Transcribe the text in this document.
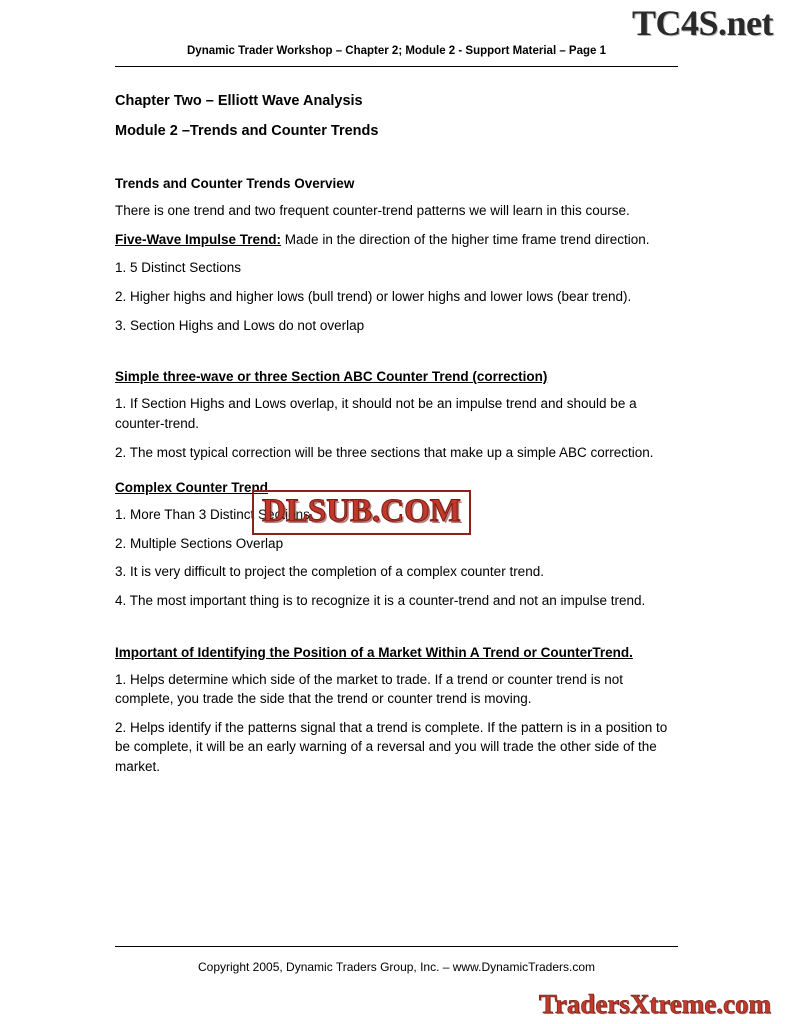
TC4S.net
Dynamic Trader Workshop – Chapter 2; Module 2 - Support Material – Page 1
Chapter Two – Elliott Wave Analysis
Module 2 –Trends and Counter Trends
Trends and Counter Trends Overview

There is one trend and two frequent counter-trend patterns we will learn in this course.

Five-Wave Impulse Trend: Made in the direction of the higher time frame trend direction.

1. 5 Distinct Sections

2. Higher highs and higher lows (bull trend) or lower highs and lower lows (bear trend).

3. Section Highs and Lows do not overlap

Simple three-wave or three Section ABC Counter Trend (correction)

1. If Section Highs and Lows overlap, it should not be an impulse trend and should be a counter-trend.

2. The most typical correction will be three sections that make up a simple ABC correction.

Complex Counter Trend

1. More Than 3 Distinct Sections

2. Multiple Sections Overlap

3. It is very difficult to project the completion of a complex counter trend.

4. The most important thing is to recognize it is a counter-trend and not an impulse trend.

Important of Identifying the Position of a Market Within A Trend or CounterTrend.

1. Helps determine which side of the market to trade. If a trend or counter trend is not complete, you trade the side that the trend or counter trend is moving.

2. Helps identify if the patterns signal that a trend is complete. If the pattern is in a position to be complete, it will be an early warning of a reversal and you will trade the other side of the market.

DLSUB.COM
Copyright 2005, Dynamic Traders Group, Inc. – www.DynamicTraders.com
TradersXtreme.com
